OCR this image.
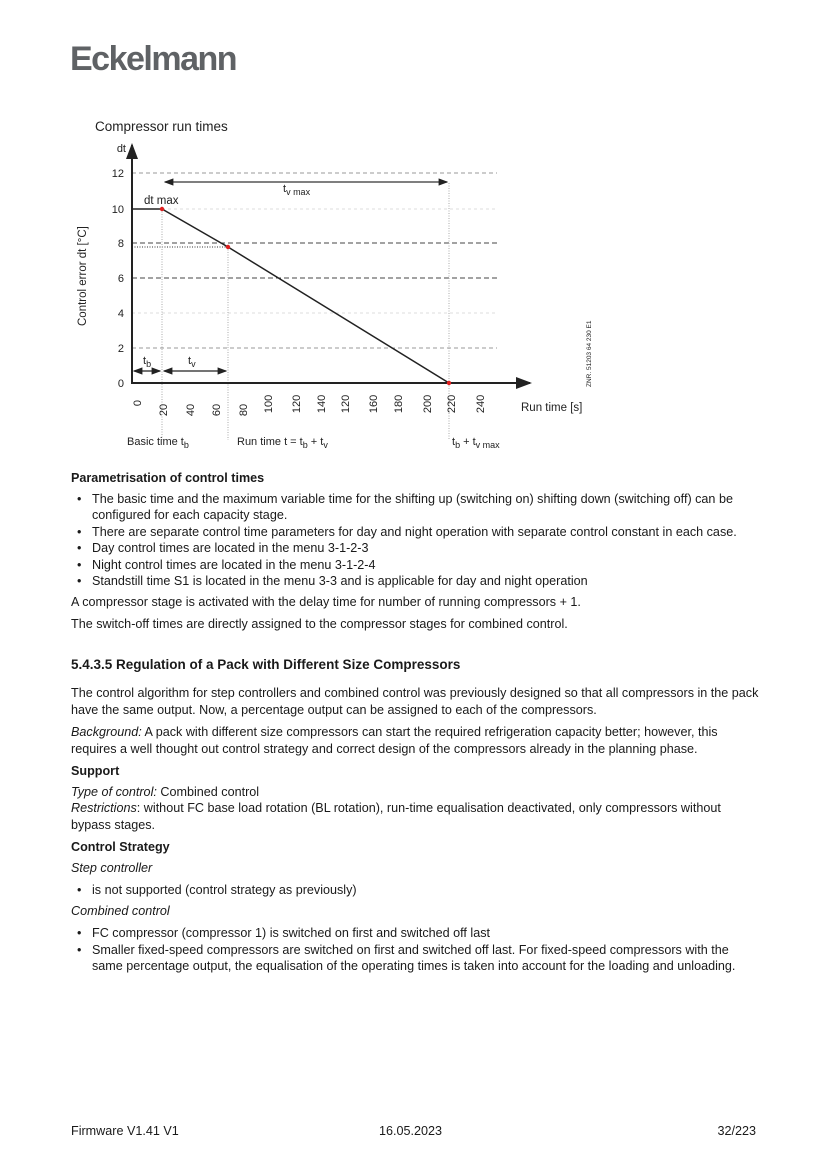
Eckelmann
Compressor run times
$t_{v max}$
dt max
$t_b$	$t_v$
0
2
4
6
8
10
12
dt
Control error dt [°C]
0
20 40 60 80 100 120 140 120 160 180 200 220 240	Run time [s]
Basic time $t_b$	Run time $t = t_b + t_v$	$t_b + t_{v max}$
ZNR. 51203 64 230 E1
Parametrisation of control times
• The basic time and the maximum variable time for the shifting up (switching on) shifting down (switching off) can be configured for each capacity stage.
• There are separate control time parameters for day and night operation with separate control constant in each case.
• Day control times are located in the menu 3-1-2-3
• Night control times are located in the menu 3-1-2-4
• Standstill time S1 is located in the menu 3-3 and is applicable for day and night operation

A compressor stage is activated with the delay time for number of running compressors + 1.

The switch-off times are directly assigned to the compressor stages for combined control.

5.4.3.5 Regulation of a Pack with Different Size Compressors

The control algorithm for step controllers and combined control was previously designed so that all compressors in the pack have the same output. Now, a percentage output can be assigned to each of the compressors.

Background: A pack with different size compressors can start the required refrigeration capacity better; however, this requires a well thought out control strategy and correct design of the compressors already in the planning phase.

Support

Type of control: Combined control
Restrictions: without FC base load rotation (BL rotation), run-time equalisation deactivated, only compressors without bypass stages.

Control Strategy

Step controller

• is not supported (control strategy as previously)

Combined control

• FC compressor (compressor 1) is switched on first and switched off last
• Smaller fixed-speed compressors are switched on first and switched off last. For fixed-speed compressors with the same percentage output, the equalisation of the operating times is taken into account for the loading and unloading.
Firmware V1.41 V1	16.05.2023	32/223
